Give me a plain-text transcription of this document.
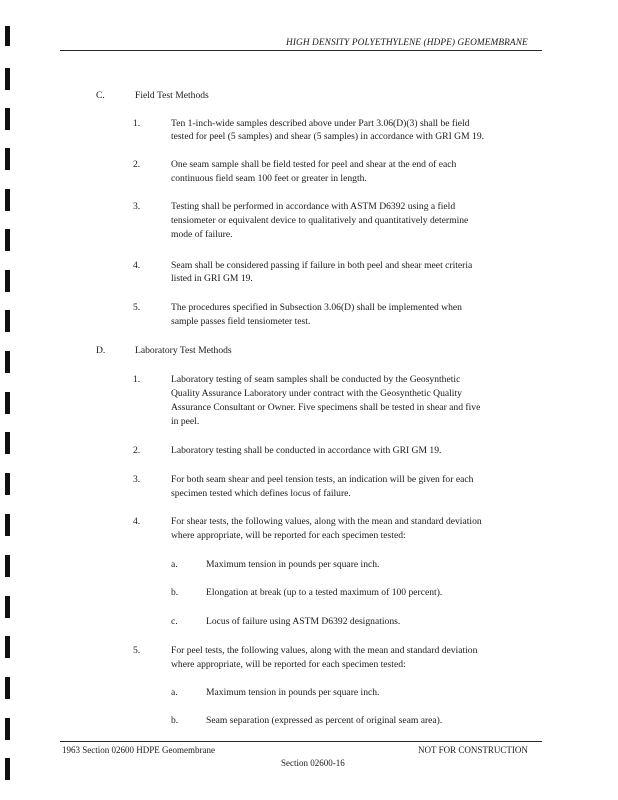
HIGH DENSITY POLYETHYLENE (HDPE) GEOMEMBRANE
C.	Field Test Methods
1.	Ten 1-inch-wide samples described above under Part 3.06(D)(3) shall be field
tested for peel (5 samples) and shear (5 samples) in accordance with GRI GM 19.
2.	One seam sample shall be field tested for peel and shear at the end of each
continuous field seam 100 feet or greater in length.
3.	Testing shall be performed in accordance with ASTM D6392 using a field
tensiometer or equivalent device to qualitatively and quantitatively determine
mode of failure.
4.	Seam shall be considered passing if failure in both peel and shear meet criteria
listed in GRI GM 19.
5.	The procedures specified in Subsection 3.06(D) shall be implemented when
sample passes field tensiometer test.
D.	Laboratory Test Methods
1.	Laboratory testing of seam samples shall be conducted by the Geosynthetic
Quality Assurance Laboratory under contract with the Geosynthetic Quality
Assurance Consultant or Owner. Five specimens shall be tested in shear and five
in peel.
2.	Laboratory testing shall be conducted in accordance with GRI GM 19.
3.	For both seam shear and peel tension tests, an indication will be given for each
specimen tested which defines locus of failure.
4.	For shear tests, the following values, along with the mean and standard deviation
where appropriate, will be reported for each specimen tested:
a.	Maximum tension in pounds per square inch.
b.	Elongation at break (up to a tested maximum of 100 percent).
c.	Locus of failure using ASTM D6392 designations.
5.	For peel tests, the following values, along with the mean and standard deviation
where appropriate, will be reported for each specimen tested:
a.	Maximum tension in pounds per square inch.
b.	Seam separation (expressed as percent of original seam area).
1963 Section 02600 HDPE Geomembrane	NOT FOR CONSTRUCTION
Section 02600-16
